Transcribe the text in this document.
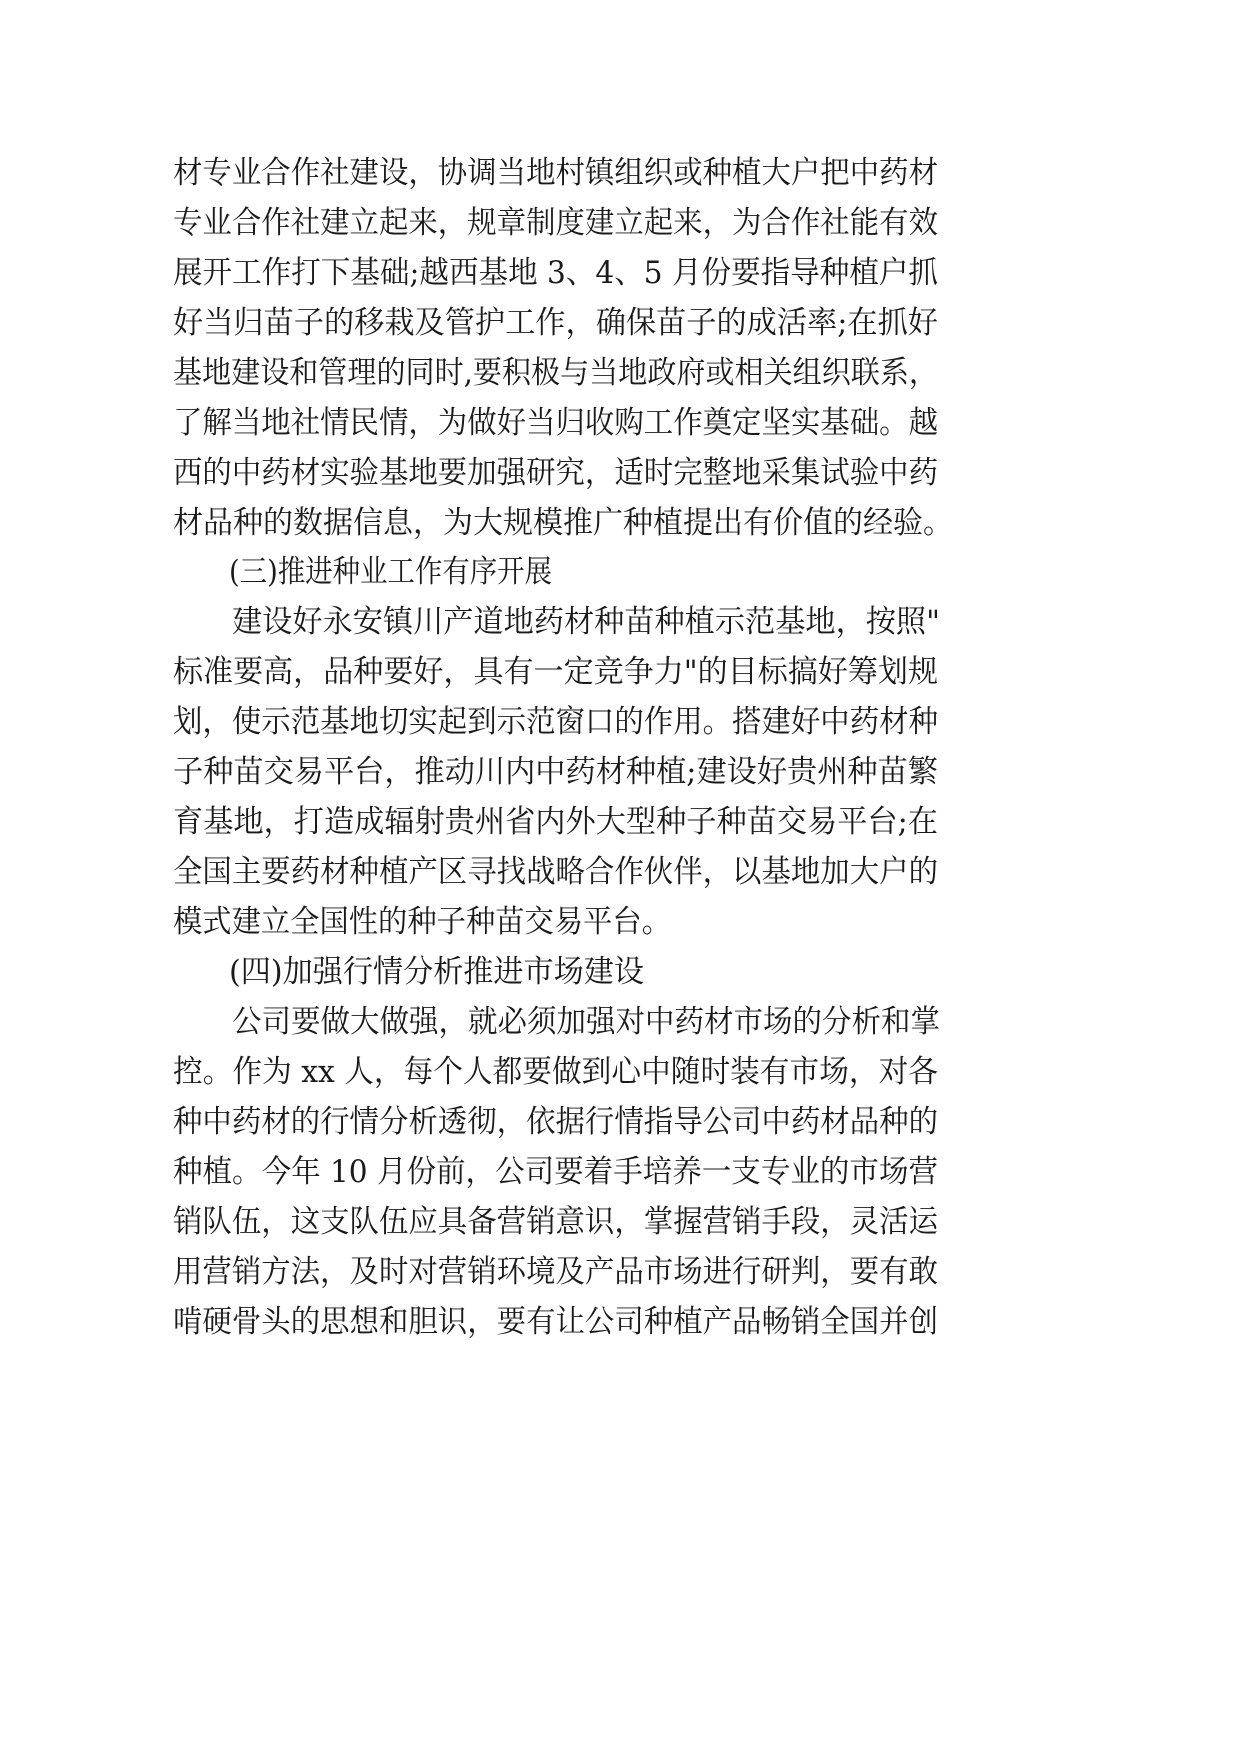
材专业合作社建设，协调当地村镇组织或种植大户把中药材
专业合作社建立起来，规章制度建立起来，为合作社能有效
展开工作打下基础;越西基地 3、4、5 月份要指导种植户抓
好当归苗子的移栽及管护工作，确保苗子的成活率;在抓好
基地建设和管理的同时,要积极与当地政府或相关组织联系，
了解当地社情民情，为做好当归收购工作奠定坚实基础。越
西的中药材实验基地要加强研究，适时完整地采集试验中药
材品种的数据信息，为大规模推广种植提出有价值的经验。
(三)推进种业工作有序开展
建设好永安镇川产道地药材种苗种植示范基地，按照"
标准要高，品种要好，具有一定竞争力"的目标搞好筹划规
划，使示范基地切实起到示范窗口的作用。搭建好中药材种
子种苗交易平台，推动川内中药材种植;建设好贵州种苗繁
育基地，打造成辐射贵州省内外大型种子种苗交易平台;在
全国主要药材种植产区寻找战略合作伙伴，以基地加大户的
模式建立全国性的种子种苗交易平台。
(四)加强行情分析推进市场建设
公司要做大做强，就必须加强对中药材市场的分析和掌
控。作为 xx 人，每个人都要做到心中随时装有市场，对各
种中药材的行情分析透彻，依据行情指导公司中药材品种的
种植。今年 10 月份前，公司要着手培养一支专业的市场营
销队伍，这支队伍应具备营销意识，掌握营销手段，灵活运
用营销方法，及时对营销环境及产品市场进行研判，要有敢
啃硬骨头的思想和胆识，要有让公司种植产品畅销全国并创
